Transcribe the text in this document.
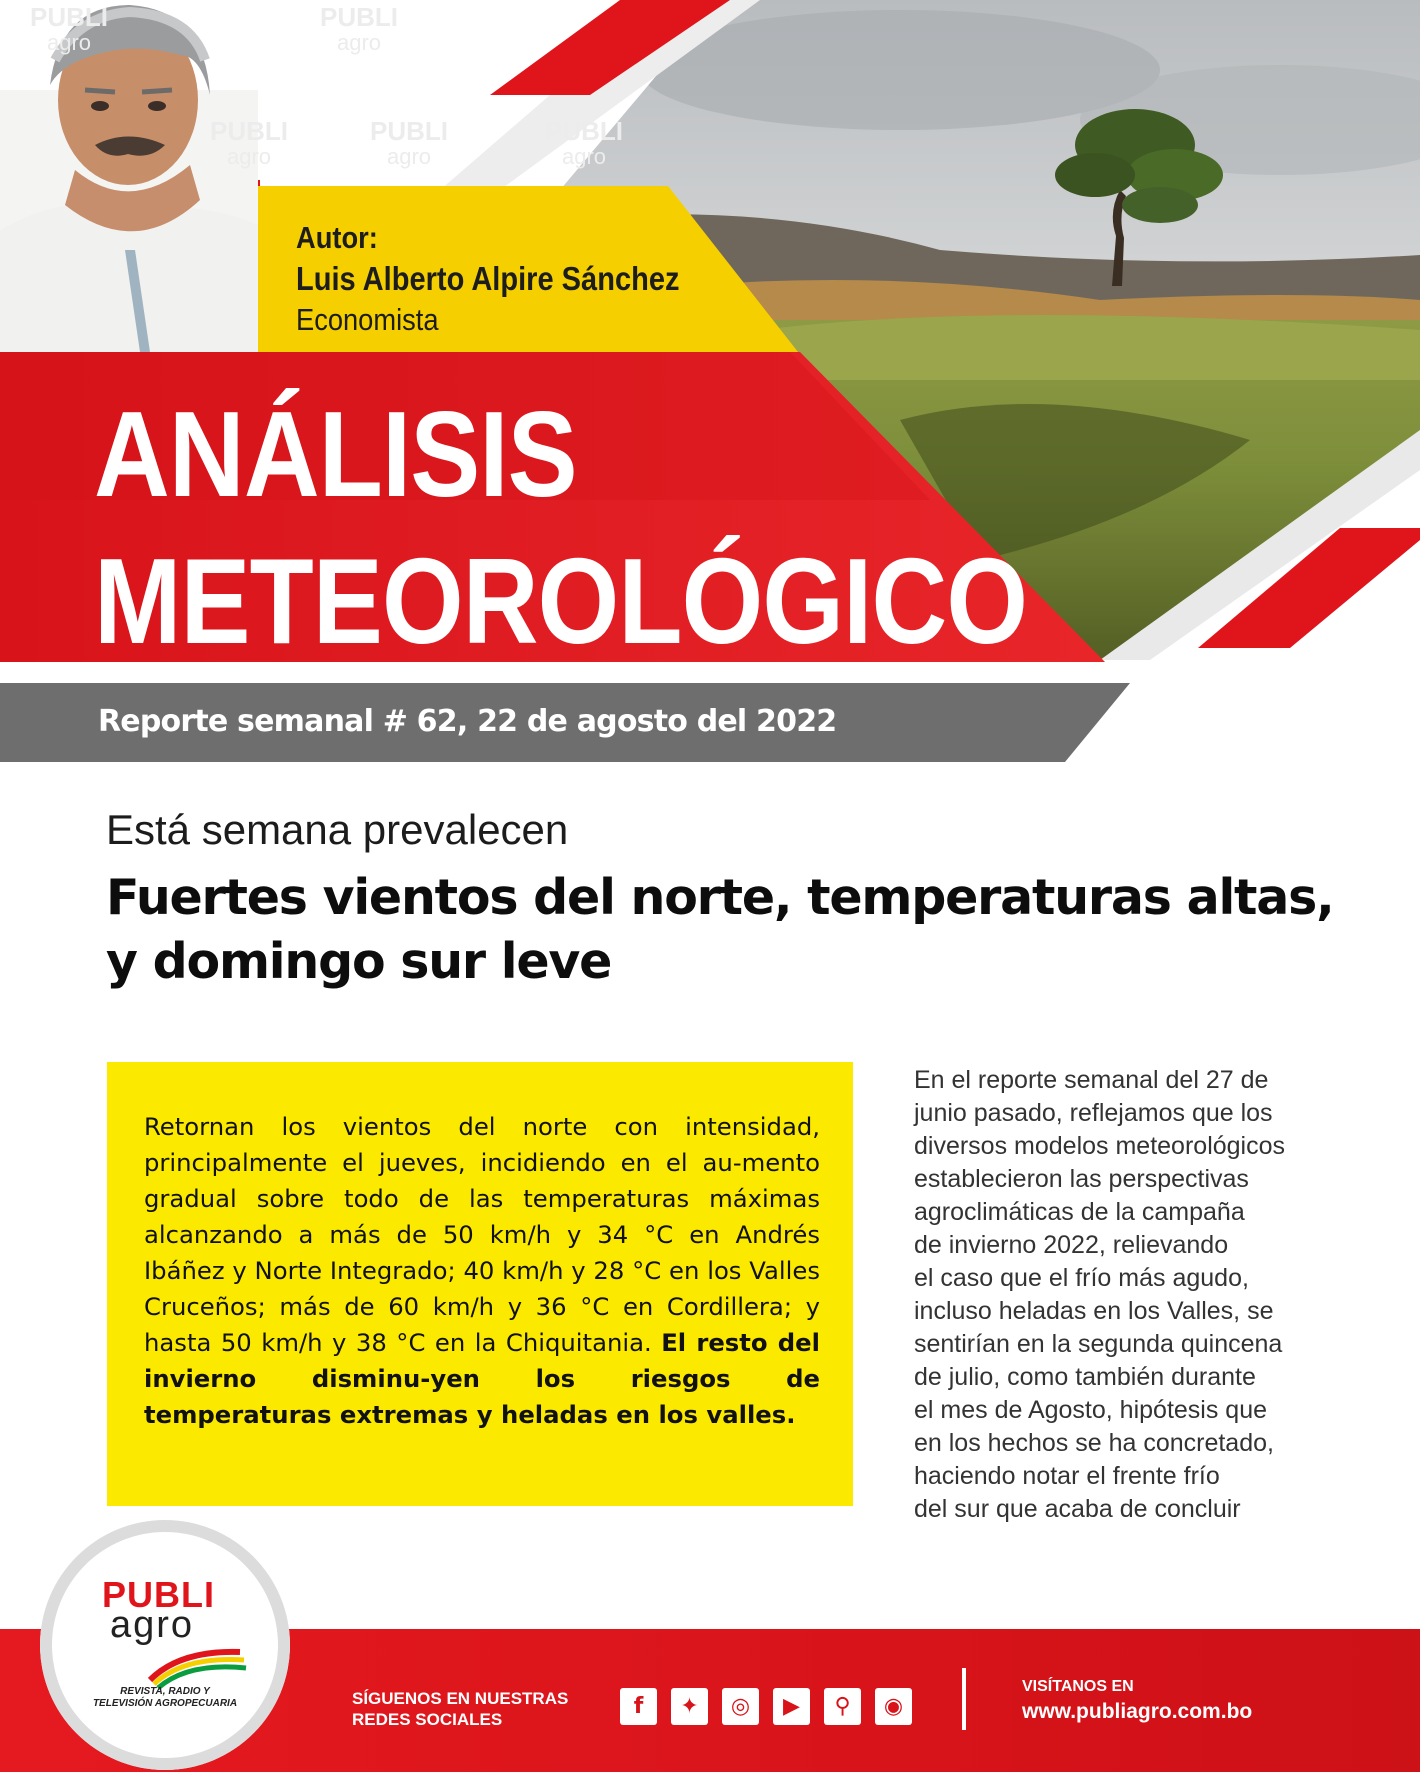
PUBLI
agro
PUBLI
agro
PUBLI
agro
PUBLI
agro
PUBLI
agro
Autor:
Luis Alberto Alpire Sánchez
Economista
ANÁLISIS
METEOROLÓGICO
Reporte semanal # 62, 22 de agosto del 2022
Está semana prevalecen
Fuertes vientos del norte, temperaturas altas, y domingo sur leve
Retornan los vientos del norte con intensidad, principalmente el jueves, incidiendo en el au-mento gradual sobre todo de las temperaturas máximas alcanzando a más de 50 km/h y 34 °C en Andrés Ibáñez y Norte Integrado; 40 km/h y 28 °C en los Valles Cruceños; más de 60 km/h y 36 °C en Cordillera; y hasta 50 km/h y 38 °C en la Chiquitania. El resto del invierno disminu-yen los riesgos de temperaturas extremas y heladas en los valles.
En el reporte semanal del 27 de
junio pasado, reflejamos que los
diversos modelos meteorológicos
establecieron las perspectivas
agroclimáticas de la campaña
de invierno 2022, relievando
el caso que el frío más agudo,
incluso heladas en los Valles, se
sentirían en la segunda quincena
de julio, como también durante
el mes de Agosto, hipótesis que
en los hechos se ha concretado,
haciendo notar el frente frío
del sur que acaba de concluir
PUBLI
agro
REVISTA, RADIO Y TELEVISIÓN AGROPECUARIA	SÍGUENOS EN NUESTRAS
REDES SOCIALES
f	✦	◎	▶	⚲	◉
VISÍTANOS EN
www.publiagro.com.bo
